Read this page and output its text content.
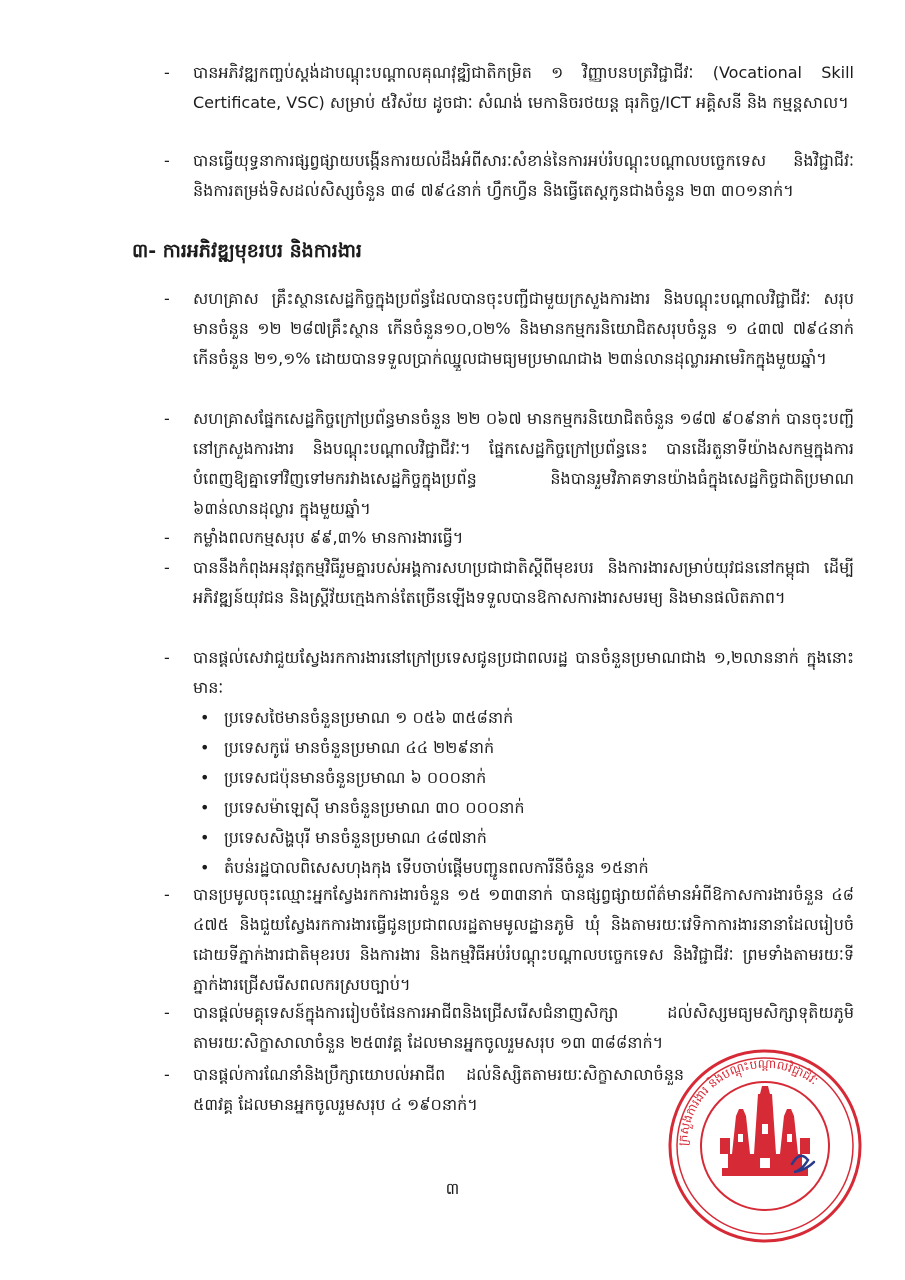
- បានអភិវឌ្ឍកញ្ចប់ស្តង់ដាបណ្តុះបណ្តាលគុណវុឌ្ឍិជាតិកម្រិត ១ វិញ្ញាបនបត្រវិជ្ជាជីវៈ (Vocational Skill Certificate, VSC) សម្រាប់ ៥វិស័យ ដូចជាៈ សំណង់ មេកានិចរថយន្ត ធុរកិច្ច/ICT អគ្គិសនី និង កម្មន្តសាល។
- បានធ្វើយុទ្ធនាការផ្សព្វផ្សាយបង្កើនការយល់ដឹងអំពីសារៈសំខាន់នៃការអប់រំបណ្តុះបណ្តាលបច្ចេកទេស និងវិជ្ជាជីវៈ និងការតម្រង់ទិសដល់សិស្សចំនួន ៣៨ ៧៩៤នាក់ ហ្វឹកហ្វឺន និងធ្វើតេស្តកូនជាងចំនួន ២៣ ៣០១នាក់។
៣- ការអភិវឌ្ឍមុខរបរ និងការងារ
- សហគ្រាស គ្រឹះស្ថានសេដ្ឋកិច្ចក្នុងប្រព័ន្ធដែលបានចុះបញ្ជីជាមួយក្រសួងការងារ និងបណ្តុះបណ្តាលវិជ្ជាជីវៈ សរុបមានចំនួន ១២ ២៨៧គ្រឹះស្ថាន កើនចំនួន១០,០២% និងមានកម្មករនិយោជិតសរុបចំនួន ១ ៤៣៧ ៧៩៤នាក់ កើនចំនួន ២១,១% ដោយបានទទួលប្រាក់ឈ្នួលជាមធ្យមប្រមាណជាង ២៣ន់លានដុល្លារអាមេរិកក្នុងមួយឆ្នាំ។
- សហគ្រាសផ្នែកសេដ្ឋកិច្ចក្រៅប្រព័ន្ធមានចំនួន ២២ ០៦៧ មានកម្មករនិយោជិតចំនួន ១៨៧ ៩០៩នាក់ បានចុះបញ្ជីនៅក្រសួងការងារ និងបណ្តុះបណ្តាលវិជ្ជាជីវៈ។ ផ្នែកសេដ្ឋកិច្ចក្រៅប្រព័ន្ធនេះ បានដើរតួនាទីយ៉ាងសកម្មក្នុងការបំពេញឱ្យគ្នាទៅវិញទៅមករវាងសេដ្ឋកិច្ចក្នុងប្រព័ន្ធ និងបានរួមវិភាគទានយ៉ាងធំក្នុងសេដ្ឋកិច្ចជាតិប្រមាណ ៦៣ន់លានដុល្លារ ក្នុងមួយឆ្នាំ។
- កម្លាំងពលកម្មសរុប ៩៩,៣% មានការងារធ្វើ។
- បាននឹងកំពុងអនុវត្តកម្មវិធីរួមគ្នារបស់អង្គការសហប្រជាជាតិស្តីពីមុខរបរ និងការងារសម្រាប់យុវជននៅកម្ពុជា ដើម្បីអភិវឌ្ឍន៍យុវជន និងស្ត្រីវ័យក្មេងកាន់តែច្រើនឡើងទទួលបានឱកាសការងារសមរម្យ និងមានផលិតភាព។
- បានផ្តល់សេវាជួយស្វែងរកការងារនៅក្រៅប្រទេសជូនប្រជាពលរដ្ឋ បានចំនួនប្រមាណជាង ១,២លាននាក់ ក្នុងនោះមានៈ
• ប្រទេសថៃមានចំនួនប្រមាណ ១ ០៥៦ ៣៥៨នាក់
• ប្រទេសកូរ៉េ មានចំនួនប្រមាណ ៤៤ ២២៩នាក់
• ប្រទេសជប៉ុនមានចំនួនប្រមាណ ៦ ០០០នាក់
• ប្រទេសម៉ាឡេស៊ី មានចំនួនប្រមាណ ៣០ ០០០នាក់
• ប្រទេសសិង្ហបុរី មានចំនួនប្រមាណ ៤៨៧នាក់
• តំបន់រដ្ឋបាលពិសេសហុងកុង ទើបចាប់ផ្តើមបញ្ជូនពលការីនីចំនួន ១៥នាក់
- បានប្រមូលចុះឈ្មោះអ្នកស្វែងរកការងារចំនួន ១៥ ១៣៣នាក់ បានផ្សព្វផ្សាយព័ត៌មានអំពីឱកាសការងារចំនួន ៤៨ ៤៧៥ និងជួយស្វែងរកការងារធ្វើជូនប្រជាពលរដ្ឋតាមមូលដ្ឋានភូមិ ឃុំ និងតាមរយៈវេទិកាការងារនានាដែលរៀបចំដោយទីភ្នាក់ងារជាតិមុខរបរ និងការងារ និងកម្មវិធីអប់រំបណ្តុះបណ្តាលបច្ចេកទេស និងវិជ្ជាជីវៈ ព្រមទាំងតាមរយៈទីភ្នាក់ងារជ្រើសរើសពលករស្របច្បាប់។
- បានផ្តល់មគ្គុទេសន៍ក្នុងការរៀបចំផែនការអាជីពនិងជ្រើសរើសជំនាញសិក្សា ដល់សិស្សមធ្យមសិក្សាទុតិយភូមិតាមរយៈសិក្ខាសាលាចំនួន ២៥៣វគ្គ ដែលមានអ្នកចូលរួមសរុប ១៣ ៣៨៨នាក់។
- បានផ្តល់ការណែនាំនិងប្រឹក្សាយោបល់អាជីព ដល់និស្សិតតាមរយៈសិក្ខាសាលាចំនួន ៥៣វគ្គ ដែលមានអ្នកចូលរួមសរុប ៤ ១៩០នាក់។
ក្រសួងការងារ និងបណ្តុះបណ្តាលវិជ្ជាជីវៈ
៣
